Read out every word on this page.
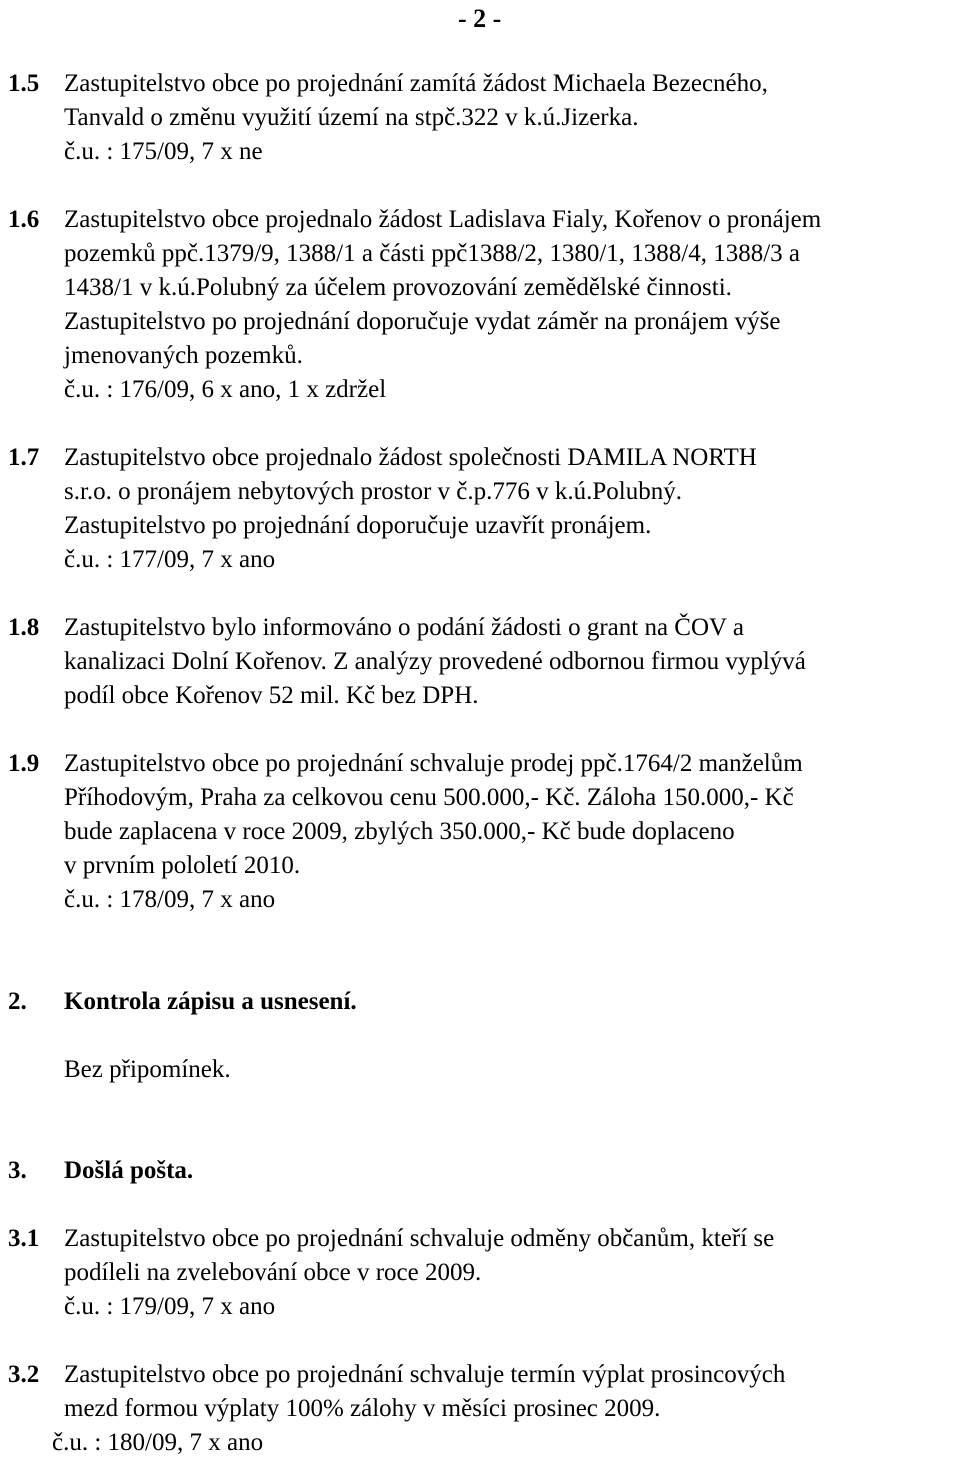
- 2 -
1.5 Zastupitelstvo obce po projednání zamítá žádost Michaela Bezecného,
Tanvald o změnu využití území na stpč.322 v k.ú.Jizerka.
č.u. : 175/09, 7 x ne
1.6 Zastupitelstvo obce projednalo žádost Ladislava Fialy, Kořenov o pronájem
pozemků ppč.1379/9, 1388/1 a části ppč1388/2, 1380/1, 1388/4, 1388/3 a
1438/1 v k.ú.Polubný za účelem provozování zemědělské činnosti.
Zastupitelstvo po projednání doporučuje vydat záměr na pronájem výše
jmenovaných pozemků.
č.u. : 176/09, 6 x ano, 1 x zdržel
1.7 Zastupitelstvo obce projednalo žádost společnosti DAMILA NORTH
s.r.o. o pronájem nebytových prostor v č.p.776 v k.ú.Polubný.
Zastupitelstvo po projednání doporučuje uzavřít pronájem.
č.u. : 177/09, 7 x ano
1.8 Zastupitelstvo bylo informováno o podání žádosti o grant na ČOV a
kanalizaci Dolní Kořenov. Z analýzy provedené odbornou firmou vyplývá
podíl obce Kořenov 52 mil. Kč bez DPH.
1.9 Zastupitelstvo obce po projednání schvaluje prodej ppč.1764/2 manželům
Příhodovým, Praha za celkovou cenu 500.000,- Kč. Záloha 150.000,- Kč
bude zaplacena v roce 2009, zbylých 350.000,- Kč bude doplaceno
v prvním pololetí 2010.
č.u. : 178/09, 7 x ano
2. Kontrola zápisu a usnesení.
Bez připomínek.
3. Došlá pošta.
3.1 Zastupitelstvo obce po projednání schvaluje odměny občanům, kteří se
podíleli na zvelebování obce v roce 2009.
č.u. : 179/09, 7 x ano
3.2 Zastupitelstvo obce po projednání schvaluje termín výplat prosincových
mezd formou výplaty 100% zálohy v měsíci prosinec 2009.
č.u. : 180/09, 7 x ano
